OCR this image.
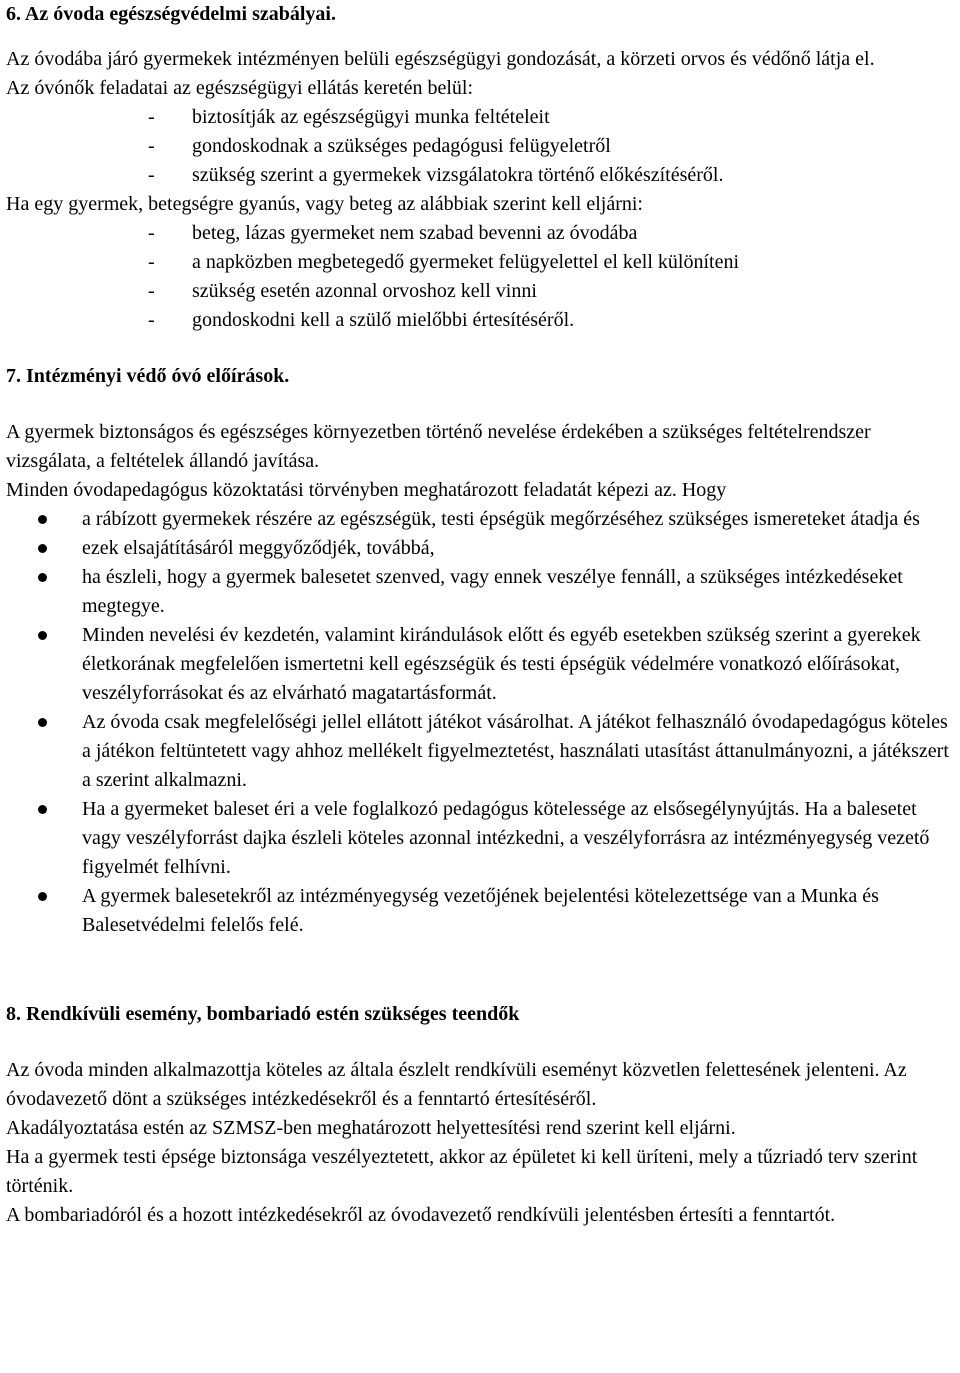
6. Az óvoda egészségvédelmi szabályai.

Az óvodába járó gyermekek intézményen belüli egészségügyi gondozását, a körzeti orvos és védőnő látja el.

Az óvónők feladatai az egészségügyi ellátás keretén belül:

-	biztosítják az egészségügyi munka feltételeit
-	gondoskodnak a szükséges pedagógusi felügyeletről
-	szükség szerint a gyermekek vizsgálatokra történő előkészítéséről.

Ha egy gyermek, betegségre gyanús, vagy beteg az alábbiak szerint kell eljárni:

-	beteg, lázas gyermeket nem szabad bevenni az óvodába
-	a napközben megbetegedő gyermeket felügyelettel el kell különíteni
-	szükség esetén azonnal orvoshoz kell vinni
-	gondoskodni kell a szülő mielőbbi értesítéséről.
7. Intézményi védő óvó előírások.

A gyermek biztonságos és egészséges környezetben történő nevelése érdekében a szükséges feltételrendszer vizsgálata, a feltételek állandó javítása.

Minden óvodapedagógus közoktatási törvényben meghatározott feladatát képezi az. Hogy

a rábízott gyermekek részére az egészségük, testi épségük megőrzéséhez szükséges ismereteket átadja és
ezek elsajátításáról meggyőződjék, továbbá,
ha észleli, hogy a gyermek balesetet szenved, vagy ennek veszélye fennáll, a szükséges intézkedéseket megtegye.
Minden nevelési év kezdetén, valamint kirándulások előtt és egyéb esetekben szükség szerint a gyerekek életkorának megfelelően ismertetni kell egészségük és testi épségük védelmére vonatkozó előírásokat, veszélyforrásokat és az elvárható magatartásformát.
Az óvoda csak megfelelőségi jellel ellátott játékot vásárolhat. A játékot felhasználó óvodapedagógus köteles a játékon feltüntetett vagy ahhoz mellékelt figyelmeztetést, használati utasítást áttanulmányozni, a játékszert a szerint alkalmazni.
Ha a gyermeket baleset éri a vele foglalkozó pedagógus kötelessége az elsősegélynyújtás. Ha a balesetet vagy veszélyforrást dajka észleli köteles azonnal intézkedni, a veszélyforrásra az intézményegység vezető figyelmét felhívni.
A gyermek balesetekről az intézményegység vezetőjének bejelentési kötelezettsége van a Munka és Balesetvédelmi felelős felé.
8. Rendkívüli esemény, bombariadó estén szükséges teendők

Az óvoda minden alkalmazottja köteles az általa észlelt rendkívüli eseményt közvetlen felettesének jelenteni. Az óvodavezető dönt a szükséges intézkedésekről és a fenntartó értesítéséről.

Akadályoztatása estén az SZMSZ-ben meghatározott helyettesítési rend szerint kell eljárni.

Ha a gyermek testi épsége biztonsága veszélyeztetett, akkor az épületet ki kell üríteni, mely a tűzriadó terv szerint történik.

A bombariadóról és a hozott intézkedésekről az óvodavezető rendkívüli jelentésben értesíti a fenntartót.
